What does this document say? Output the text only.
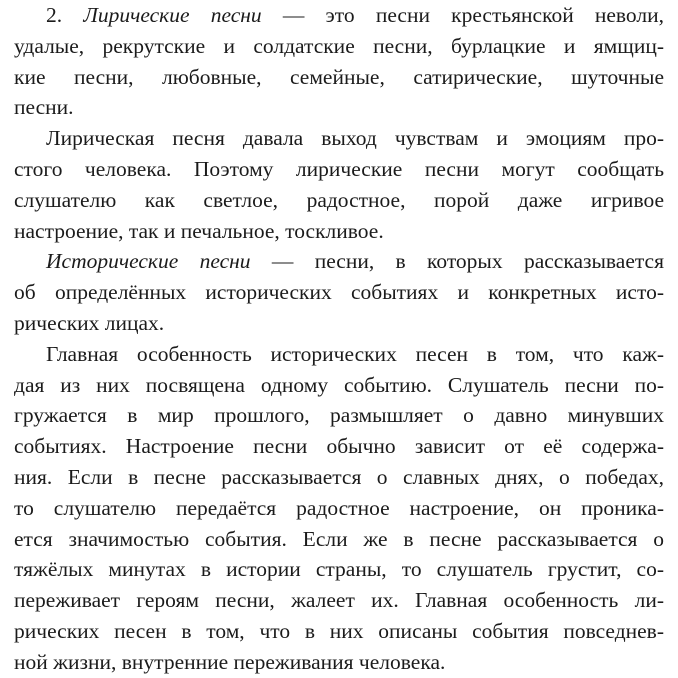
2. Лирические песни — это песни крестьянской неволи,
удалые, рекрутские и солдатские песни, бурлацкие и ямщиц-
кие песни, любовные, семейные, сатирические, шуточные
песни.
Лирическая песня давала выход чувствам и эмоциям про-
стого человека. Поэтому лирические песни могут сообщать
слушателю как светлое, радостное, порой даже игривое
настроение, так и печальное, тоскливое.
Исторические песни — песни, в которых рассказывается
об определённых исторических событиях и конкретных исто-
рических лицах.
Главная особенность исторических песен в том, что каж-
дая из них посвящена одному событию. Слушатель песни по-
гружается в мир прошлого, размышляет о давно минувших
событиях. Настроение песни обычно зависит от её содержа-
ния. Если в песне рассказывается о славных днях, о победах,
то слушателю передаётся радостное настроение, он проника-
ется значимостью события. Если же в песне рассказывается о
тяжёлых минутах в истории страны, то слушатель грустит, со-
переживает героям песни, жалеет их. Главная особенность ли-
рических песен в том, что в них описаны события повседнев-
ной жизни, внутренние переживания человека.
